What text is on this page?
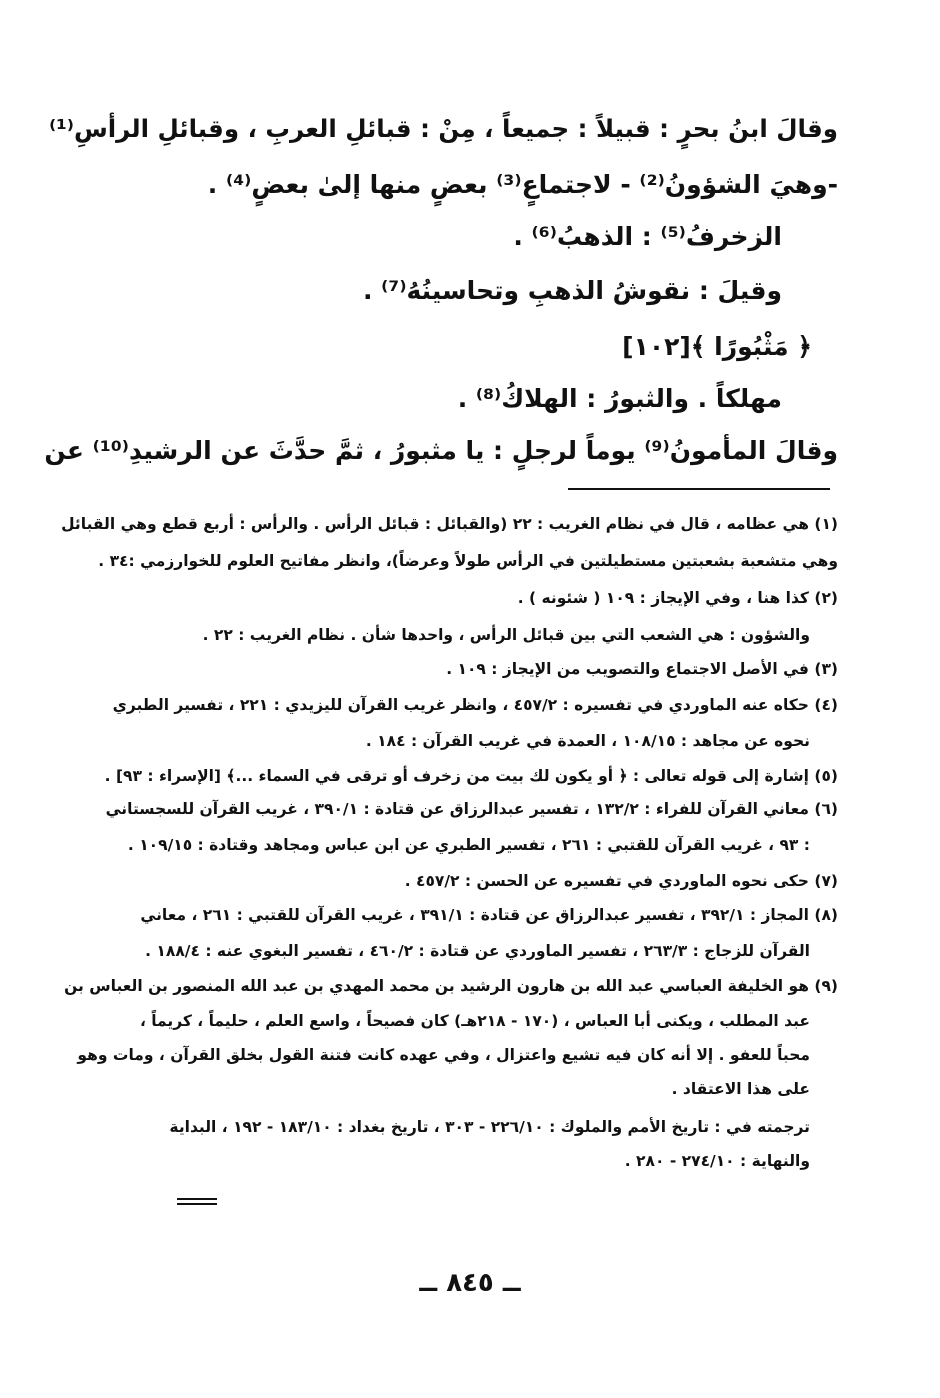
وقالَ ابنُ بحرٍ : قبيلاً : جميعاً ، مِنْ : قبائلِ العربِ ، وقبائلِ الرأسِ⁽¹⁾
-وهيَ الشؤونُ⁽²⁾ - لاجتماعٍ⁽³⁾ بعضٍ منها إلىٰ بعضٍ⁽⁴⁾ .
الزخرفُ⁽⁵⁾ : الذهبُ⁽⁶⁾ .
وقيلَ : نقوشُ الذهبِ وتحاسينُهُ⁽⁷⁾ .
﴿ مَثْبُورًا ﴾[١٠٢]
مهلكاً . والثبورُ : الهلاكُ⁽⁸⁾ .
وقالَ المأمونُ⁽⁹⁾ يوماً لرجلٍ : يا مثبورُ ، ثمَّ حدَّثَ عن الرشيدِ⁽¹⁰⁾ عن
(١) هي عظامه ، قال في نظام الغريب : ٢٢ (والقبائل : قبائل الرأس . والرأس : أربع قطع وهي القبائل
وهي متشعبة بشعبتين مستطيلتين في الرأس طولاً وعرضاً)، وانظر مفاتيح العلوم للخوارزمي :٣٤ .
(٢) كذا هنا ، وفي الإيجاز : ١٠٩ ( شئونه ) .
والشؤون : هي الشعب التي بين قبائل الرأس ، واحدها شأن . نظام الغريب : ٢٢ .
(٣) في الأصل الاجتماع والتصويب من الإيجاز : ١٠٩ .
(٤) حكاه عنه الماوردي في تفسيره : ٤٥٧/٢ ، وانظر غريب القرآن لليزيدي : ٢٢١ ، تفسير الطبري
نحوه عن مجاهد : ١٠٨/١٥ ، العمدة في غريب القرآن : ١٨٤ .
(٥) إشارة إلى قوله تعالى : ﴿ أو يكون لك بيت من زخرف أو ترقى في السماء ...﴾ [الإسراء : ٩٣] .
(٦) معاني القرآن للفراء : ١٣٢/٢ ، تفسير عبدالرزاق عن قتادة : ٣٩٠/١ ، غريب القرآن للسجستاني
: ٩٣ ، غريب القرآن للقتبي : ٢٦١ ، تفسير الطبري عن ابن عباس ومجاهد وقتادة : ١٠٩/١٥ .
(٧) حكى نحوه الماوردي في تفسيره عن الحسن : ٤٥٧/٢ .
(٨) المجاز : ٣٩٢/١ ، تفسير عبدالرزاق عن قتادة : ٣٩١/١ ، غريب القرآن للقتبي : ٢٦١ ، معاني
القرآن للزجاج : ٢٦٣/٣ ، تفسير الماوردي عن قتادة : ٤٦٠/٢ ، تفسير البغوي عنه : ١٨٨/٤ .
(٩) هو الخليفة العباسي عبد الله بن هارون الرشيد بن محمد المهدي بن عبد الله المنصور بن العباس بن
عبد المطلب ، ويكنى أبا العباس ، (١٧٠ - ٢١٨هـ) كان فصيحاً ، واسع العلم ، حليماً ، كريماً ،
محباً للعفو . إلا أنه كان فيه تشيع واعتزال ، وفي عهده كانت فتنة القول بخلق القرآن ، ومات وهو
على هذا الاعتقاد .
ترجمته في : تاريخ الأمم والملوك : ٢٢٦/١٠ - ٣٠٣ ، تاريخ بغداد : ١٨٣/١٠ - ١٩٢ ، البداية
والنهاية : ٢٧٤/١٠ - ٢٨٠ .
ــ ٨٤٥ ــ
